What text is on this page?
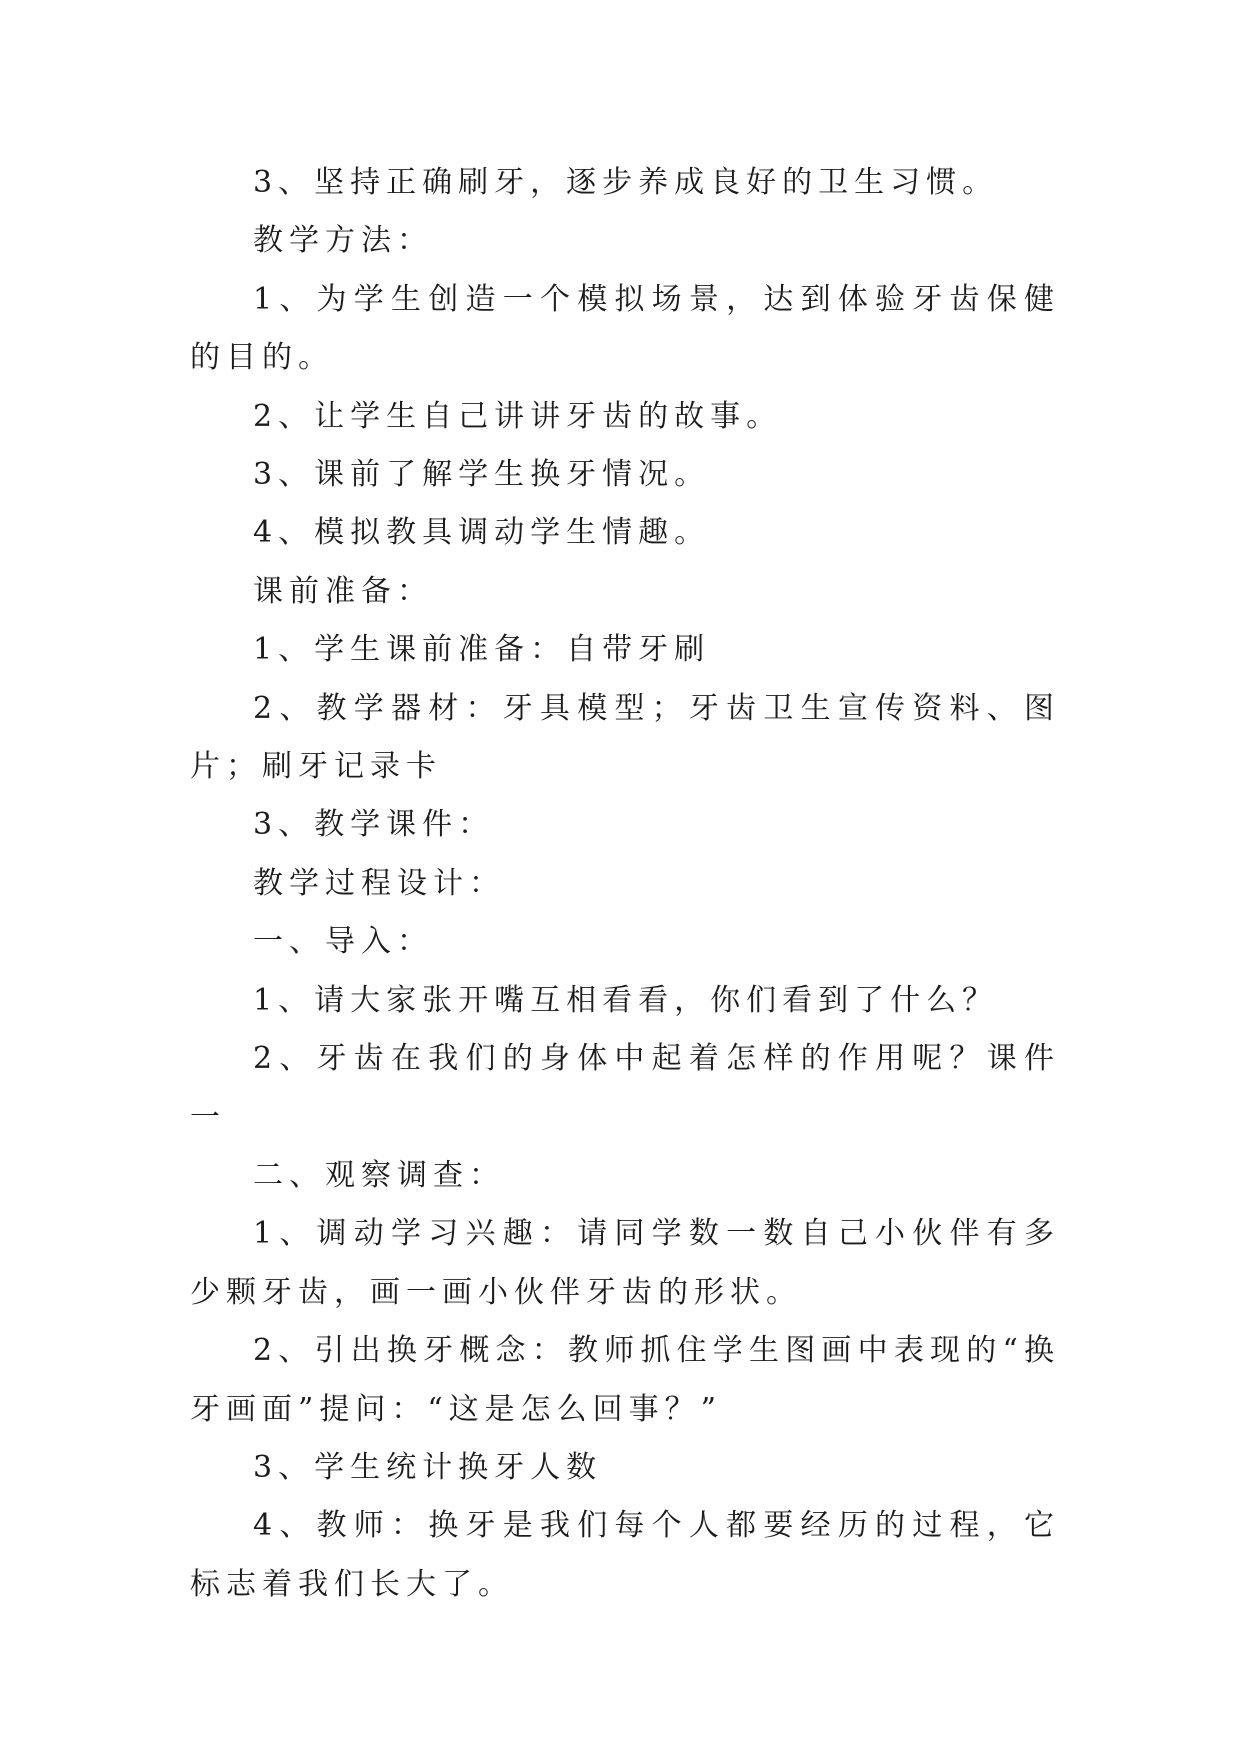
3、坚持正确刷牙，逐步养成良好的卫生习惯。

教学方法：

1、为学生创造一个模拟场景，达到体验牙齿保健的目的。

2、让学生自己讲讲牙齿的故事。

3、课前了解学生换牙情况。

4、模拟教具调动学生情趣。

课前准备：

1、学生课前准备：自带牙刷

2、教学器材：牙具模型；牙齿卫生宣传资料、图片；刷牙记录卡

3、教学课件：

教学过程设计：

一、导入：

1、请大家张开嘴互相看看，你们看到了什么？

2、牙齿在我们的身体中起着怎样的作用呢？课件一

二、观察调查：

1、调动学习兴趣：请同学数一数自己小伙伴有多少颗牙齿，画一画小伙伴牙齿的形状。

2、引出换牙概念：教师抓住学生图画中表现的“换牙画面”提问：“这是怎么回事？”

3、学生统计换牙人数

4、教师：换牙是我们每个人都要经历的过程，它标志着我们长大了。
